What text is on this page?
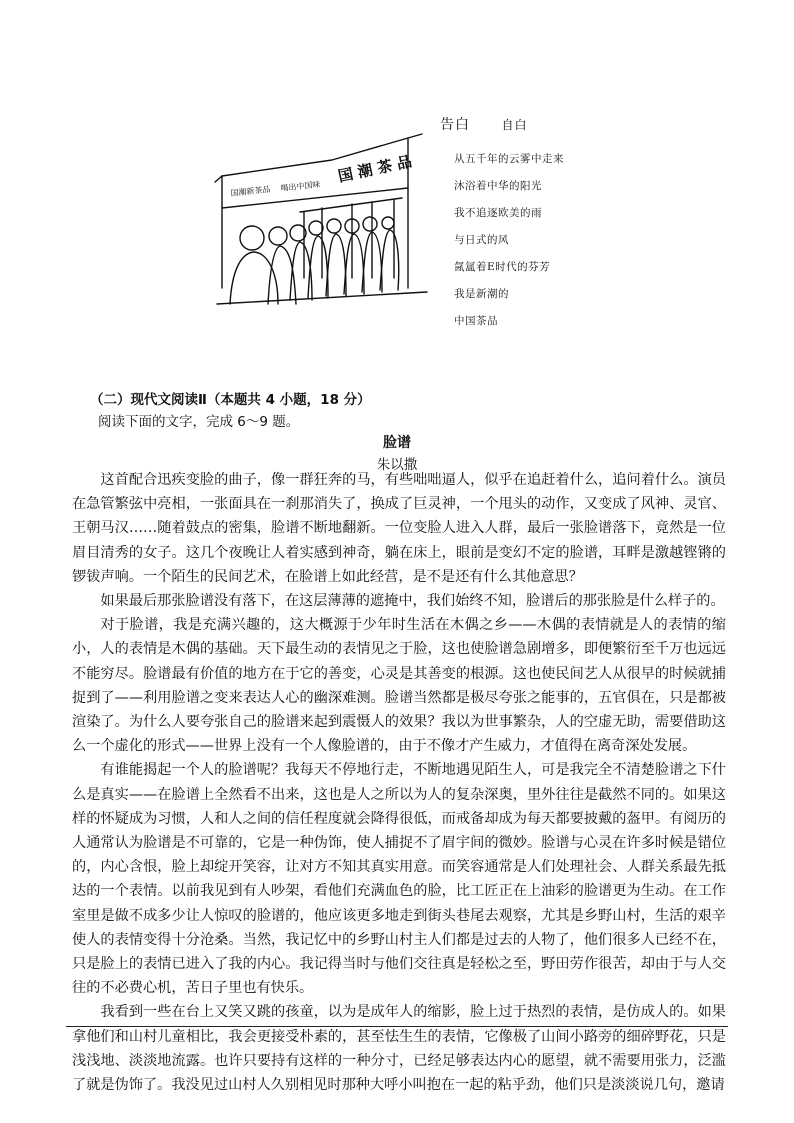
国潮茶品
国潮新茶品 喝出中国味
告白	自白
从五千年的云雾中走来
沐浴着中华的阳光
我不追逐欧美的雨
与日式的风
氤氲着E时代的芬芳
我是新潮的
中国茶品
（二）现代文阅读Ⅱ（本题共 4 小题，18 分）
阅读下面的文字，完成 6～9 题。
脸谱
朱以撒

这首配合迅疾变脸的曲子，像一群狂奔的马，有些咄咄逼人，似乎在追赶着什么，追问着什么。演员在急管繁弦中亮相，一张面具在一刹那消失了，换成了巨灵神，一个甩头的动作，又变成了风神、灵官、王朝马汉……随着鼓点的密集，脸谱不断地翻新。一位变脸人进入人群，最后一张脸谱落下，竟然是一位眉目清秀的女子。这几个夜晚让人着实感到神奇，躺在床上，眼前是变幻不定的脸谱，耳畔是激越铿锵的锣钹声响。一个陌生的民间艺术，在脸谱上如此经营，是不是还有什么其他意思？

如果最后那张脸谱没有落下，在这层薄薄的遮掩中，我们始终不知，脸谱后的那张脸是什么样子的。

对于脸谱，我是充满兴趣的，这大概源于少年时生活在木偶之乡——木偶的表情就是人的表情的缩小，人的表情是木偶的基础。天下最生动的表情见之于脸，这也使脸谱急剧增多，即便繁衍至千万也远远不能穷尽。脸谱最有价值的地方在于它的善变，心灵是其善变的根源。这也使民间艺人从很早的时候就捕捉到了——利用脸谱之变来表达人心的幽深难测。脸谱当然都是极尽夸张之能事的，五官俱在，只是都被渲染了。为什么人要夸张自己的脸谱来起到震慑人的效果？我以为世事繁杂，人的空虚无助，需要借助这么一个虚化的形式——世界上没有一个人像脸谱的，由于不像才产生威力，才值得在离奇深处发展。

有谁能揭起一个人的脸谱呢？我每天不停地行走，不断地遇见陌生人，可是我完全不清楚脸谱之下什么是真实——在脸谱上全然看不出来，这也是人之所以为人的复杂深奥，里外往往是截然不同的。如果这样的怀疑成为习惯，人和人之间的信任程度就会降得很低，而戒备却成为每天都要披戴的盔甲。有阅历的人通常认为脸谱是不可靠的，它是一种伪饰，使人捕捉不了眉宇间的微妙。脸谱与心灵在许多时候是错位的，内心含恨，脸上却绽开笑容，让对方不知其真实用意。而笑容通常是人们处理社会、人群关系最先抵达的一个表情。以前我见到有人吵架，看他们充满血色的脸，比工匠正在上油彩的脸谱更为生动。在工作室里是做不成多少让人惊叹的脸谱的，他应该更多地走到街头巷尾去观察，尤其是乡野山村，生活的艰辛使人的表情变得十分沧桑。当然，我记忆中的乡野山村主人们都是过去的人物了，他们很多人已经不在，只是脸上的表情已进入了我的内心。我记得当时与他们交往真是轻松之至，野田劳作很苦，却由于与人交往的不必费心机，苦日子里也有快乐。

我看到一些在台上又笑又跳的孩童，以为是成年人的缩影，脸上过于热烈的表情，是仿成人的。如果拿他们和山村儿童相比，我会更接受朴素的，甚至怯生生的表情，它像极了山间小路旁的细碎野花，只是浅浅地、淡淡地流露。也许只要持有这样的一种分寸，已经足够表达内心的愿望，就不需要用张力，泛滥了就是伪饰了。我没见过山村人久别相见时那种大呼小叫抱在一起的粘乎劲，他们只是淡淡说几句，邀请
